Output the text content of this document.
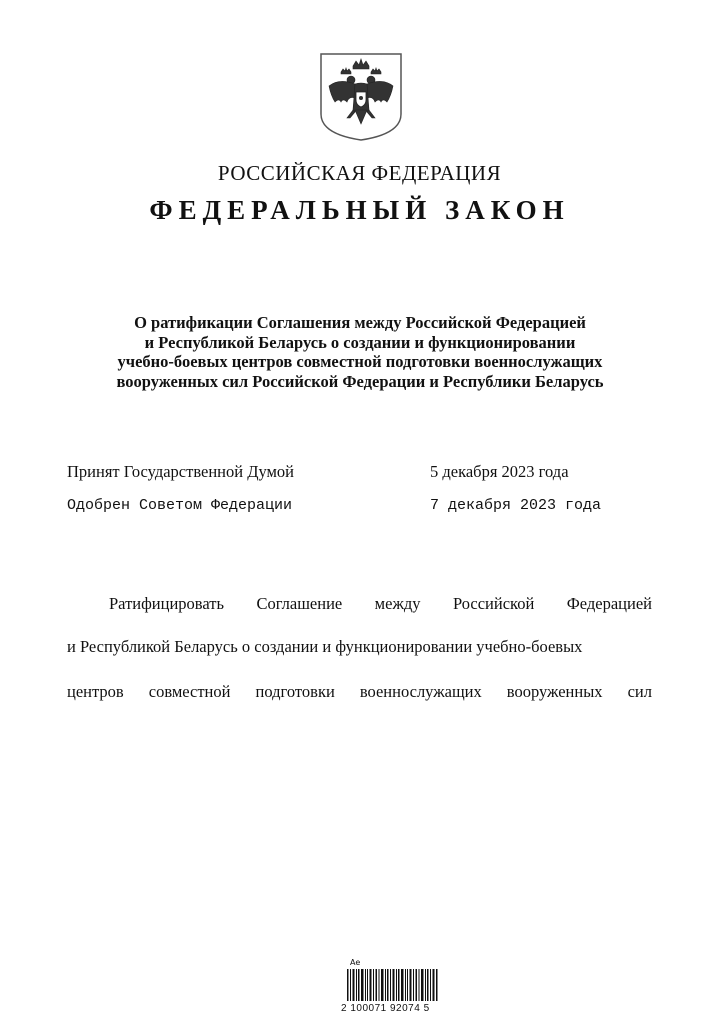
РОССИЙСКАЯ ФЕДЕРАЦИЯ
ФЕДЕРАЛЬНЫЙ ЗАКОН
О ратификации Соглашения между Российской Федерацией
и Республикой Беларусь о создании и функционировании
учебно-боевых центров совместной подготовки военнослужащих
вооруженных сил Российской Федерации и Республики Беларусь
Принят Государственной Думой	5 декабря 2023 года
Одобрен Советом Федерации	7 декабря 2023 года
Ратифицировать Соглашение между Российской Федерацией
и Республикой Беларусь о создании и функционировании учебно-боевых
центров совместной подготовки военнослужащих вооруженных сил
Ae
2 100071 92074 5
